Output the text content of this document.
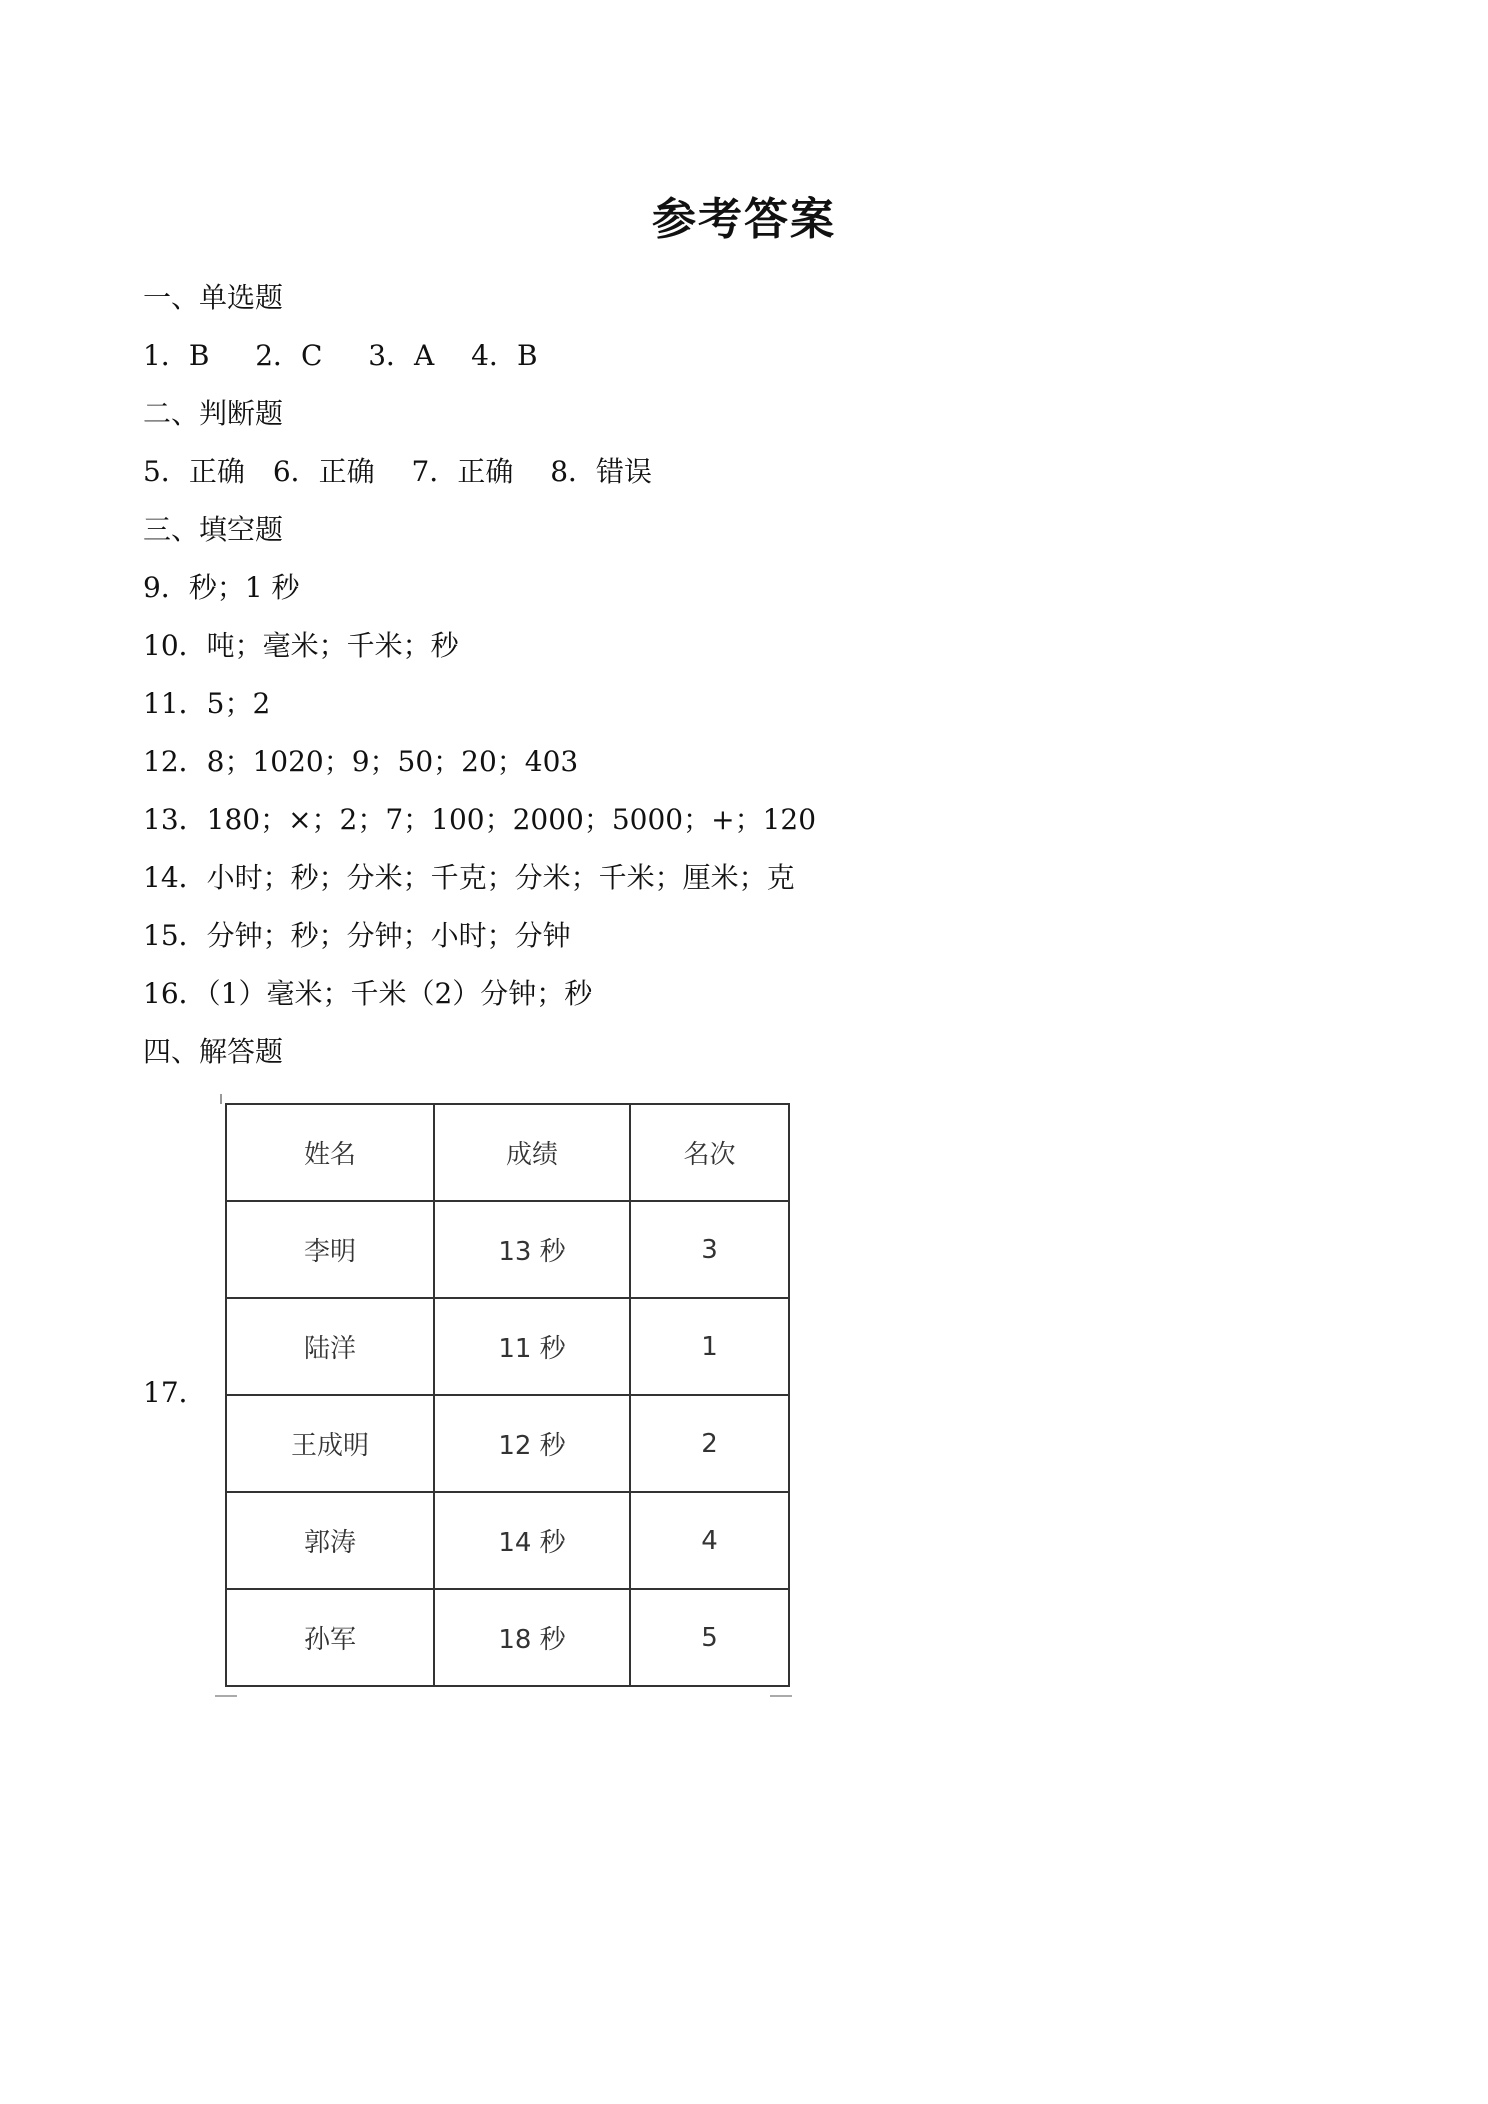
参考答案
一、单选题
1．B　  2．C　  3．A　 4．B
二、判断题
5．正确　6．正确　 7．正确　 8．错误
三、填空题
9．秒；1 秒
10．吨；毫米；千米；秒
11．5；2
12．8；1020；9；50；20；403
13．180；×；2；7；100；2000；5000；+；120
14．小时；秒；分米；千克；分米；千米；厘米；克
15．分钟；秒；分钟；小时；分钟
16．（1）毫米；千米（2）分钟；秒
四、解答题
17．
姓名	成绩	名次
李明	13 秒	3
陆洋	11 秒	1
王成明	12 秒	2
郭涛	14 秒	4
孙军	18 秒	5
